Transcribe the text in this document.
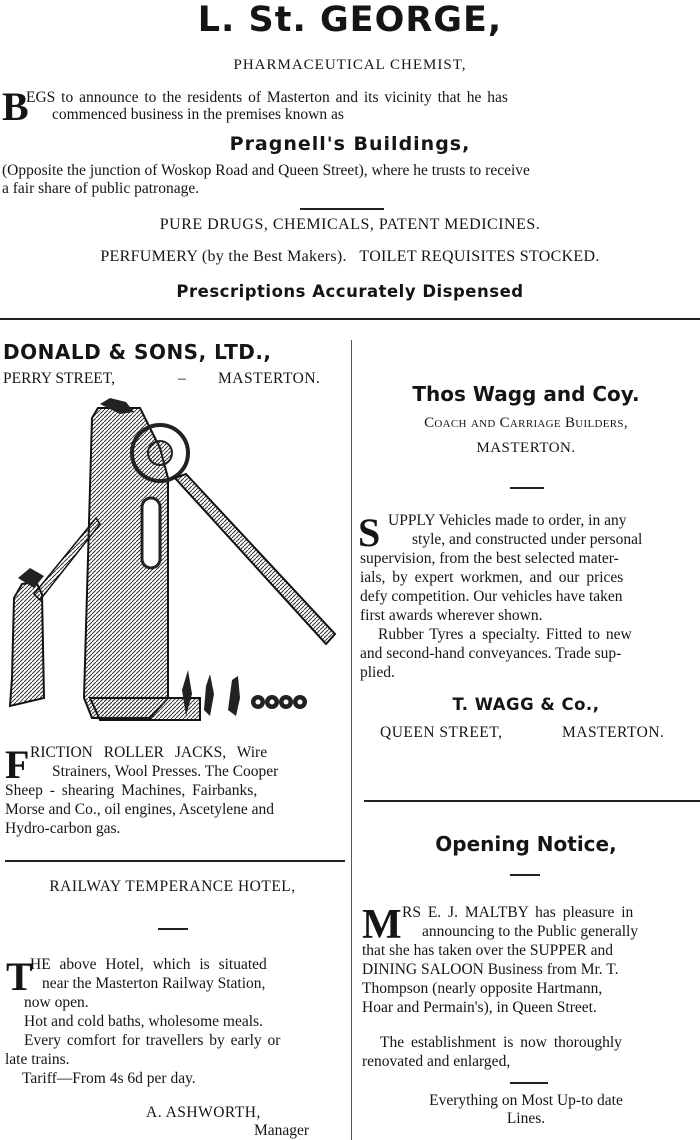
L. St. GEORGE,
PHARMACEUTICAL CHEMIST,
B
EGS to announce to the residents of Masterton and its vicinity that he has
commenced business in the premises known as
Pragnell's Buildings,
(Opposite the junction of Woskop Road and Queen Street), where he trusts to receive
a fair share of public patronage.
PURE DRUGS, CHEMICALS, PATENT MEDICINES.
PERFUMERY (by the Best Makers).   TOILET REQUISITES STOCKED.
Prescriptions Accurately Dispensed
DONALD & SONS, LTD.,
PERRY STREET,	– MASTERTON.
F RICTION ROLLER JACKS, Wire
Strainers, Wool Presses. The Cooper
Sheep - shearing Machines, Fairbanks,
Morse and Co., oil engines, Ascetylene and
Hydro-carbon gas.
RAILWAY TEMPERANCE HOTEL,
T
HE above Hotel, which is situated
near the Masterton Railway Station,
now open.
Hot and cold baths, wholesome meals.
Every comfort for travellers by early or
late trains.
Tariff—From 4s 6d per day.
A. ASHWORTH,
Manager
Thos Wagg and Coy.
Coach and Carriage Builders,
MASTERTON.
S UPPLY Vehicles made to order, in any
style, and constructed under personal
supervision, from the best selected mater-
ials, by expert workmen, and our prices
defy competition. Our vehicles have taken
first awards wherever shown.
Rubber Tyres a specialty. Fitted to new
and second-hand conveyances. Trade sup-
plied.
T. WAGG & Co.,
QUEEN STREET,	MASTERTON.
Opening Notice,
M RS E. J. MALTBY has pleasure in
announcing to the Public generally
that she has taken over the SUPPER and
DINING SALOON Business from Mr. T.
Thompson (nearly opposite Hartmann,
Hoar and Permain's), in Queen Street.
The establishment is now thoroughly
renovated and enlarged,
Everything on Most Up-to date
Lines.
